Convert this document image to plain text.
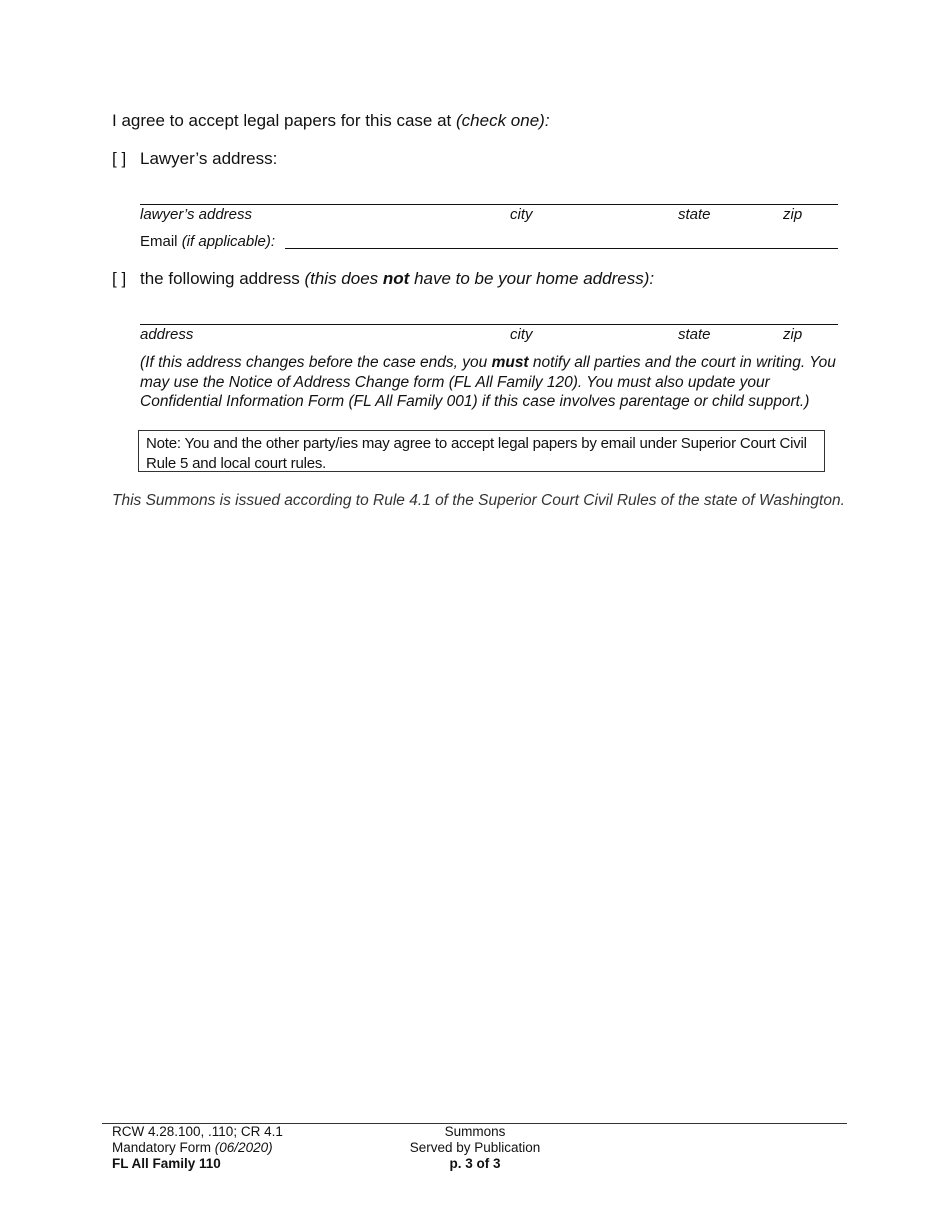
I agree to accept legal papers for this case at (check one):
[ ] Lawyer’s address:
lawyer’s address	city	state	zip
Email (if applicable):
[ ] the following address (this does not have to be your home address):
address	city	state	zip
(If this address changes before the case ends, you must notify all parties and the court in writing. You may use the Notice of Address Change form (FL All Family 120). You must also update your Confidential Information Form (FL All Family 001) if this case involves parentage or child support.)
Note: You and the other party/ies may agree to accept legal papers by email under Superior Court Civil Rule 5 and local court rules.
This Summons is issued according to Rule 4.1 of the Superior Court Civil Rules of the state of Washington.
RCW 4.28.100, .110; CR 4.1
Mandatory Form (06/2020)
FL All Family 110
Summons
Served by Publication
p. 3 of 3
